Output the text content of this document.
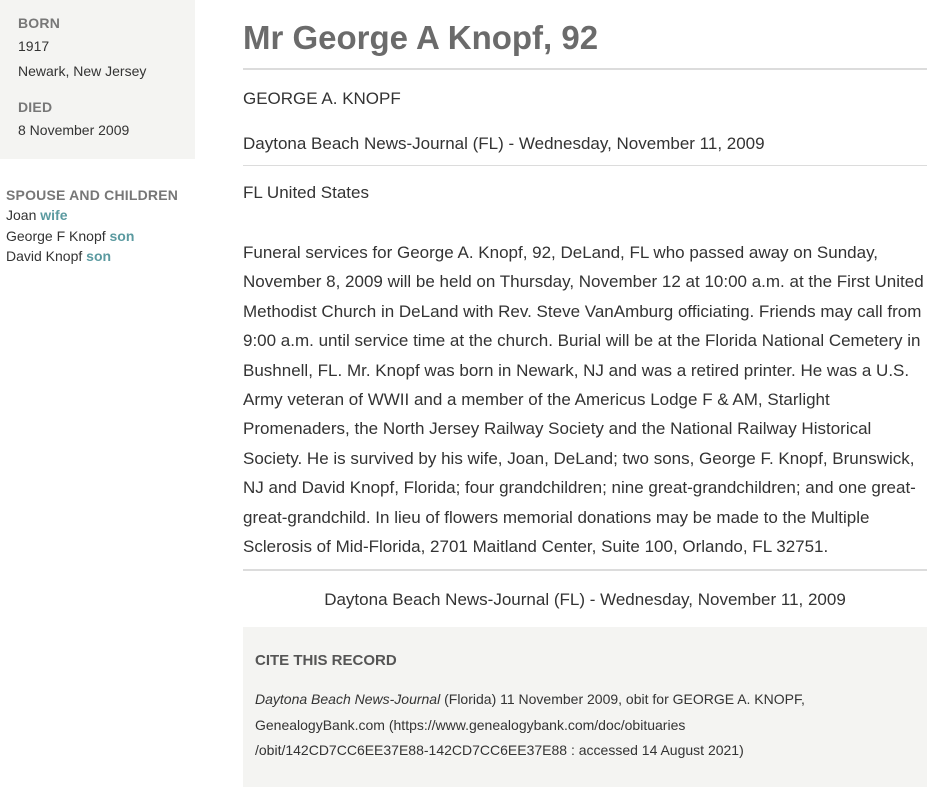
BORN
1917
Newark, New Jersey
DIED
8 November 2009
SPOUSE AND CHILDREN
Joan wife
George F Knopf son
David Knopf son
Mr George A Knopf, 92
GEORGE A. KNOPF
Daytona Beach News-Journal (FL) - Wednesday, November 11, 2009
FL United States

Funeral services for George A. Knopf, 92, DeLand, FL who passed away on Sunday, November 8, 2009 will be held on Thursday, November 12 at 10:00 a.m. at the First United Methodist Church in DeLand with Rev. Steve VanAmburg officiating. Friends may call from 9:00 a.m. until service time at the church. Burial will be at the Florida National Cemetery in Bushnell, FL. Mr. Knopf was born in Newark, NJ and was a retired printer. He was a U.S. Army veteran of WWII and a member of the Americus Lodge F & AM, Starlight Promenaders, the North Jersey Railway Society and the National Railway Historical Society. He is survived by his wife, Joan, DeLand; two sons, George F. Knopf, Brunswick, NJ and David Knopf, Florida; four grandchildren; nine great-grandchildren; and one great-great-grandchild. In lieu of flowers memorial donations may be made to the Multiple Sclerosis of Mid-Florida, 2701 Maitland Center, Suite 100, Orlando, FL 32751.

Daytona Beach News-Journal (FL) - Wednesday, November 11, 2009
CITE THIS RECORD
Daytona Beach News-Journal (Florida) 11 November 2009, obit for GEORGE A. KNOPF,
GenealogyBank.com (https://www.genealogybank.com/doc/obituaries
/obit/142CD7CC6EE37E88-142CD7CC6EE37E88 : accessed 14 August 2021)
